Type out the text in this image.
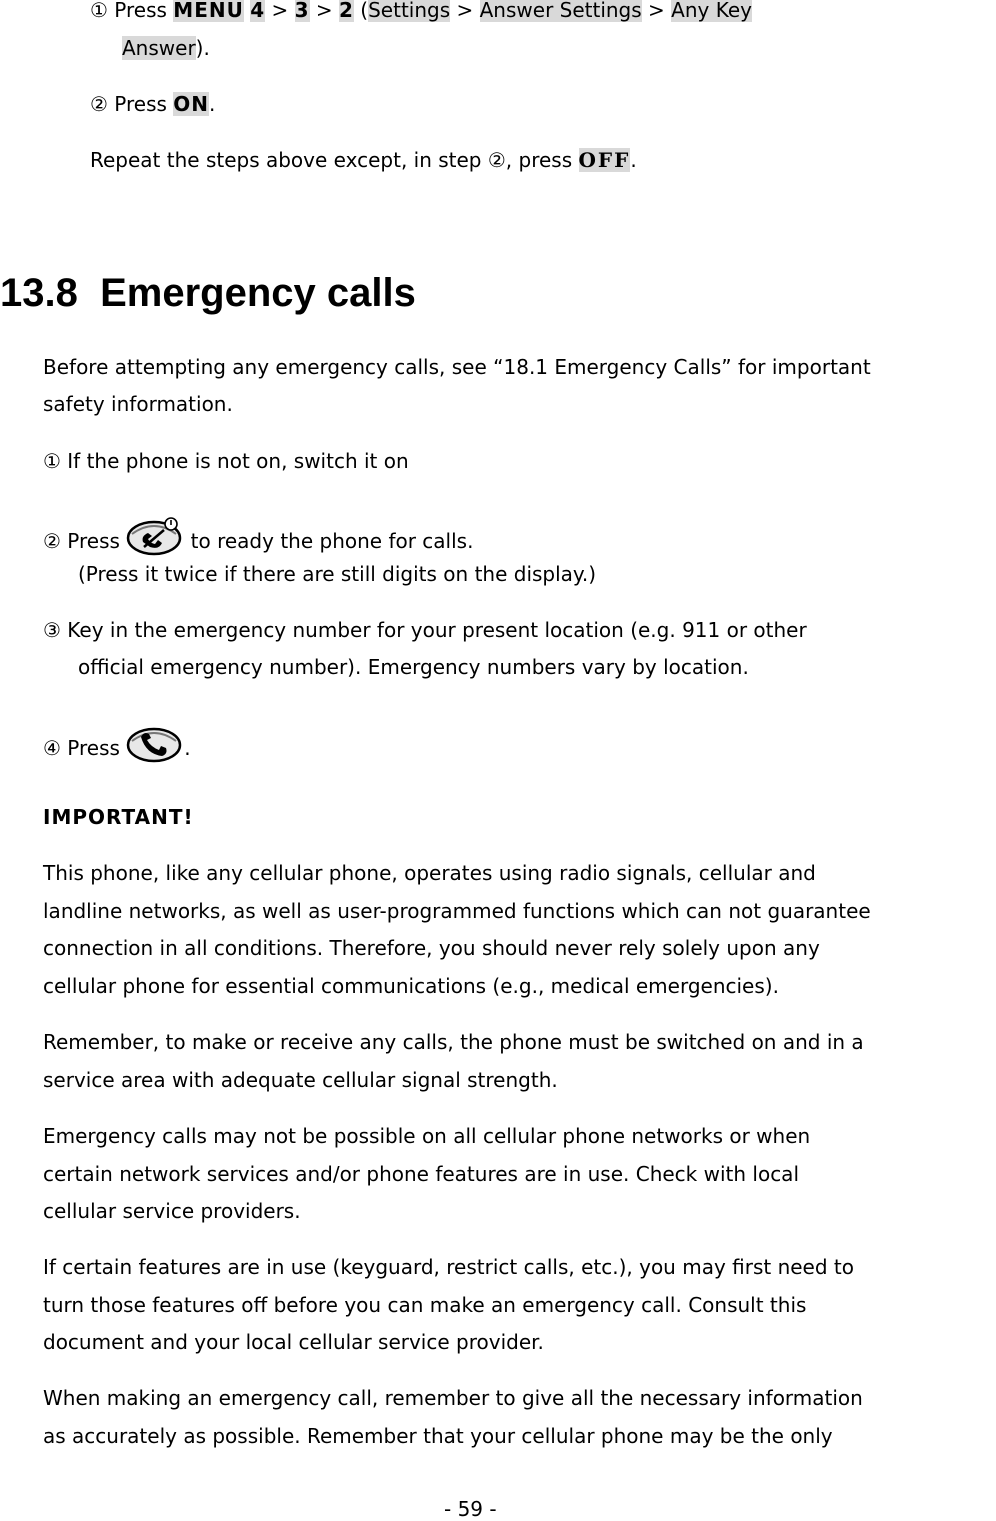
① Press MENU 4 > 3 > 2 (Settings > Answer Settings > Any Key
Answer).
② Press ON.
Repeat the steps above except, in step ②, press OFF.
13.8 Emergency calls
Before attempting any emergency calls, see “18.1 Emergency Calls” for important
safety information.
① If the phone is not on, switch it on
② Press	to ready the phone for calls.
(Press it twice if there are still digits on the display.)
③ Key in the emergency number for your present location (e.g. 911 or other
official emergency number). Emergency numbers vary by location.
④ Press	.
IMPORTANT!
This phone, like any cellular phone, operates using radio signals, cellular and
landline networks, as well as user-programmed functions which can not guarantee
connection in all conditions. Therefore, you should never rely solely upon any
cellular phone for essential communications (e.g., medical emergencies).
Remember, to make or receive any calls, the phone must be switched on and in a
service area with adequate cellular signal strength.
Emergency calls may not be possible on all cellular phone networks or when
certain network services and/or phone features are in use. Check with local
cellular service providers.
If certain features are in use (keyguard, restrict calls, etc.), you may first need to
turn those features off before you can make an emergency call. Consult this
document and your local cellular service provider.
When making an emergency call, remember to give all the necessary information
as accurately as possible. Remember that your cellular phone may be the only
- 59 -
